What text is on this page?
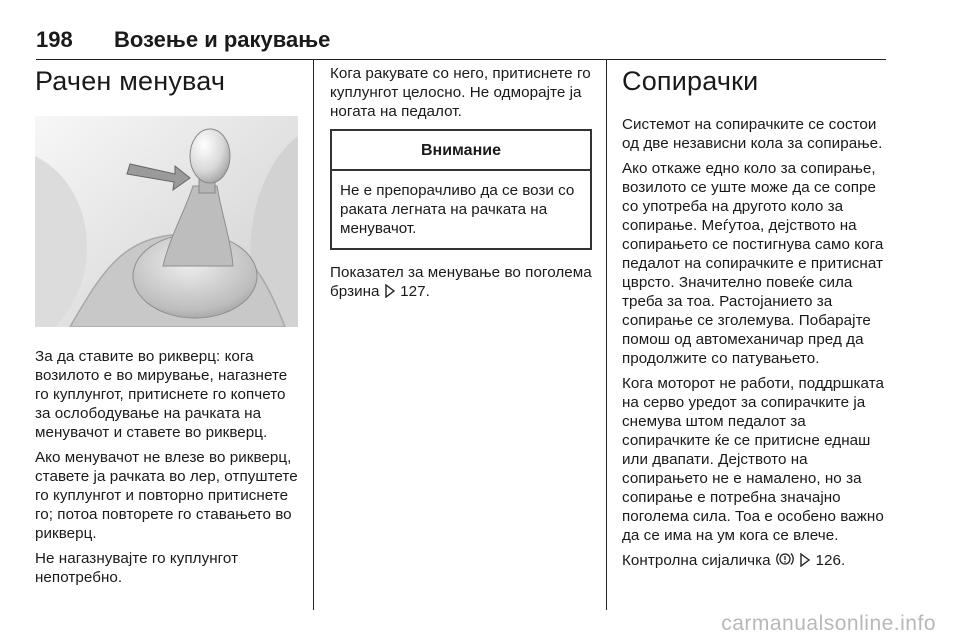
198 Возење и ракување
Рачен менувач

За да ставите во рикверц: кога возилото е во мирување, нагазнете го куплунгот, притиснете го копчето за ослободување на рачката на менувачот и ставете во рикверц.

Ако менувачот не влезе во рикверц, ставете ја рачката во лер, отпуштете го куплунгот и повторно притиснете го; потоа повторете го ставањето во рикверц.

Не нагазнувајте го куплунгот непотребно.

Кога ракувате со него, притиснете го куплунгот целосно. Не одморајте ја ногата на педалот.

Внимание
Не е препорачливо да се вози со раката легната на рачката на менувачот.

Показател за менување во поголема брзина 127.

Сопирачки

Системот на сопирачките се состои од две независни кола за сопирање.

Ако откаже едно коло за сопирање, возилото се уште може да се сопре со употреба на другото коло за сопирање. Меѓутоа, дејството на сопирањето се постигнува само кога педалот на сопирачките е притиснат цврсто. Значително повеќе сила треба за тоа. Растојанието за сопирање се зголемува. Побарајте помош од автомеханичар пред да продолжите со патувањето.

Кога моторот не работи, поддршката на серво уредот за сопирачките ја снемува штом педалот за сопирачките ќе се притисне еднаш или двапати. Дејството на сопирањето не е намалено, но за сопирање е потребна значајно поголема сила. Тоа е особено важно да се има на ум кога се влече.

Контролна сијаличка	126.

carmanualsonline.info
